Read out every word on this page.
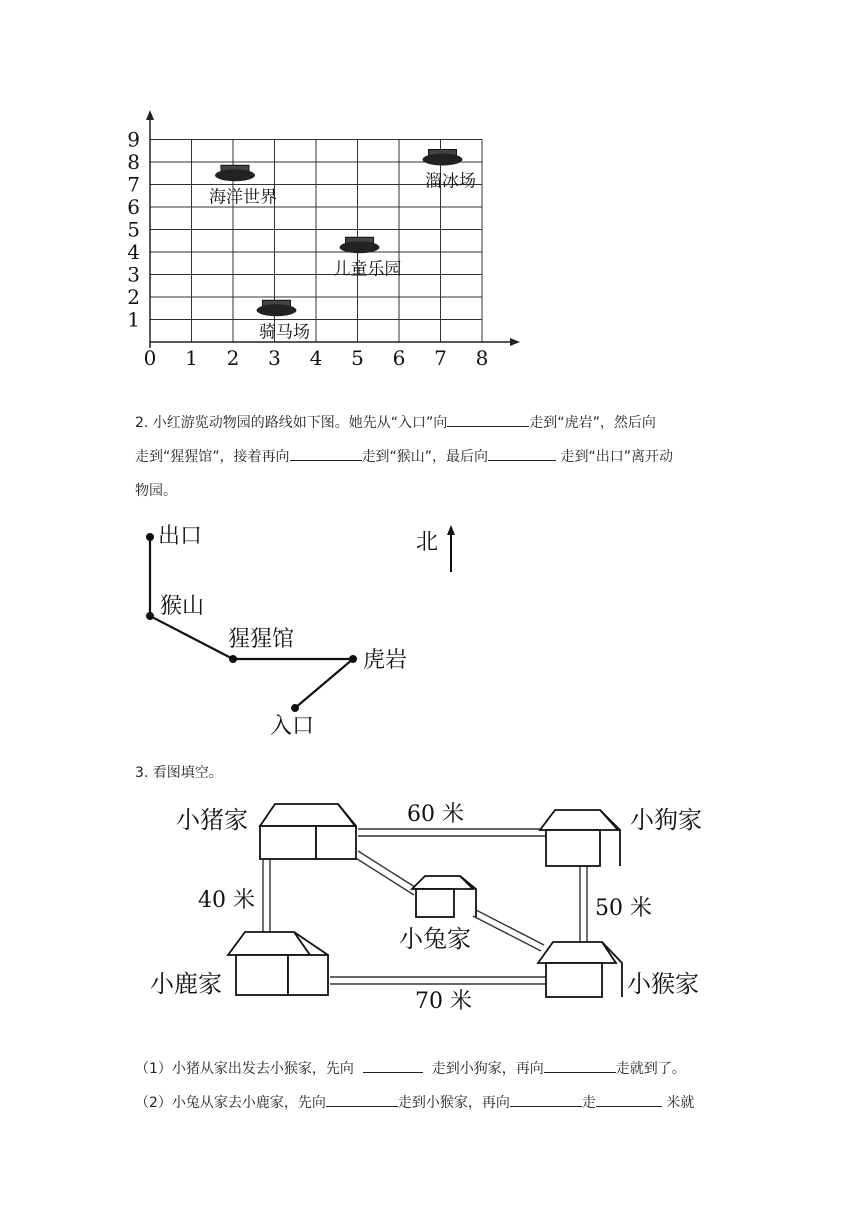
0 1 2 3 4 5 6 7 8
1
2
3
4
5
6
7
8
9
海洋世界
溜冰场
儿童乐园
骑马场
2. 小红游览动物园的路线如下图。她先从“入口”向	走到“虎岩”，然后向
走到“猩猩馆”，接着再向	走到“猴山”，最后向	走到“出口”离开动
物园。
出口
猴山
猩猩馆
虎岩
入口
北
3. 看图填空。
小猪家	小狗家
小兔家
小鹿家	小猴家
60 米
40 米	50 米
70 米
（1）小猪从家出发去小猴家，先向	走到小狗家，再向	走就到了。
（2）小兔从家去小鹿家，先向	走到小猴家，再向	走	米就
